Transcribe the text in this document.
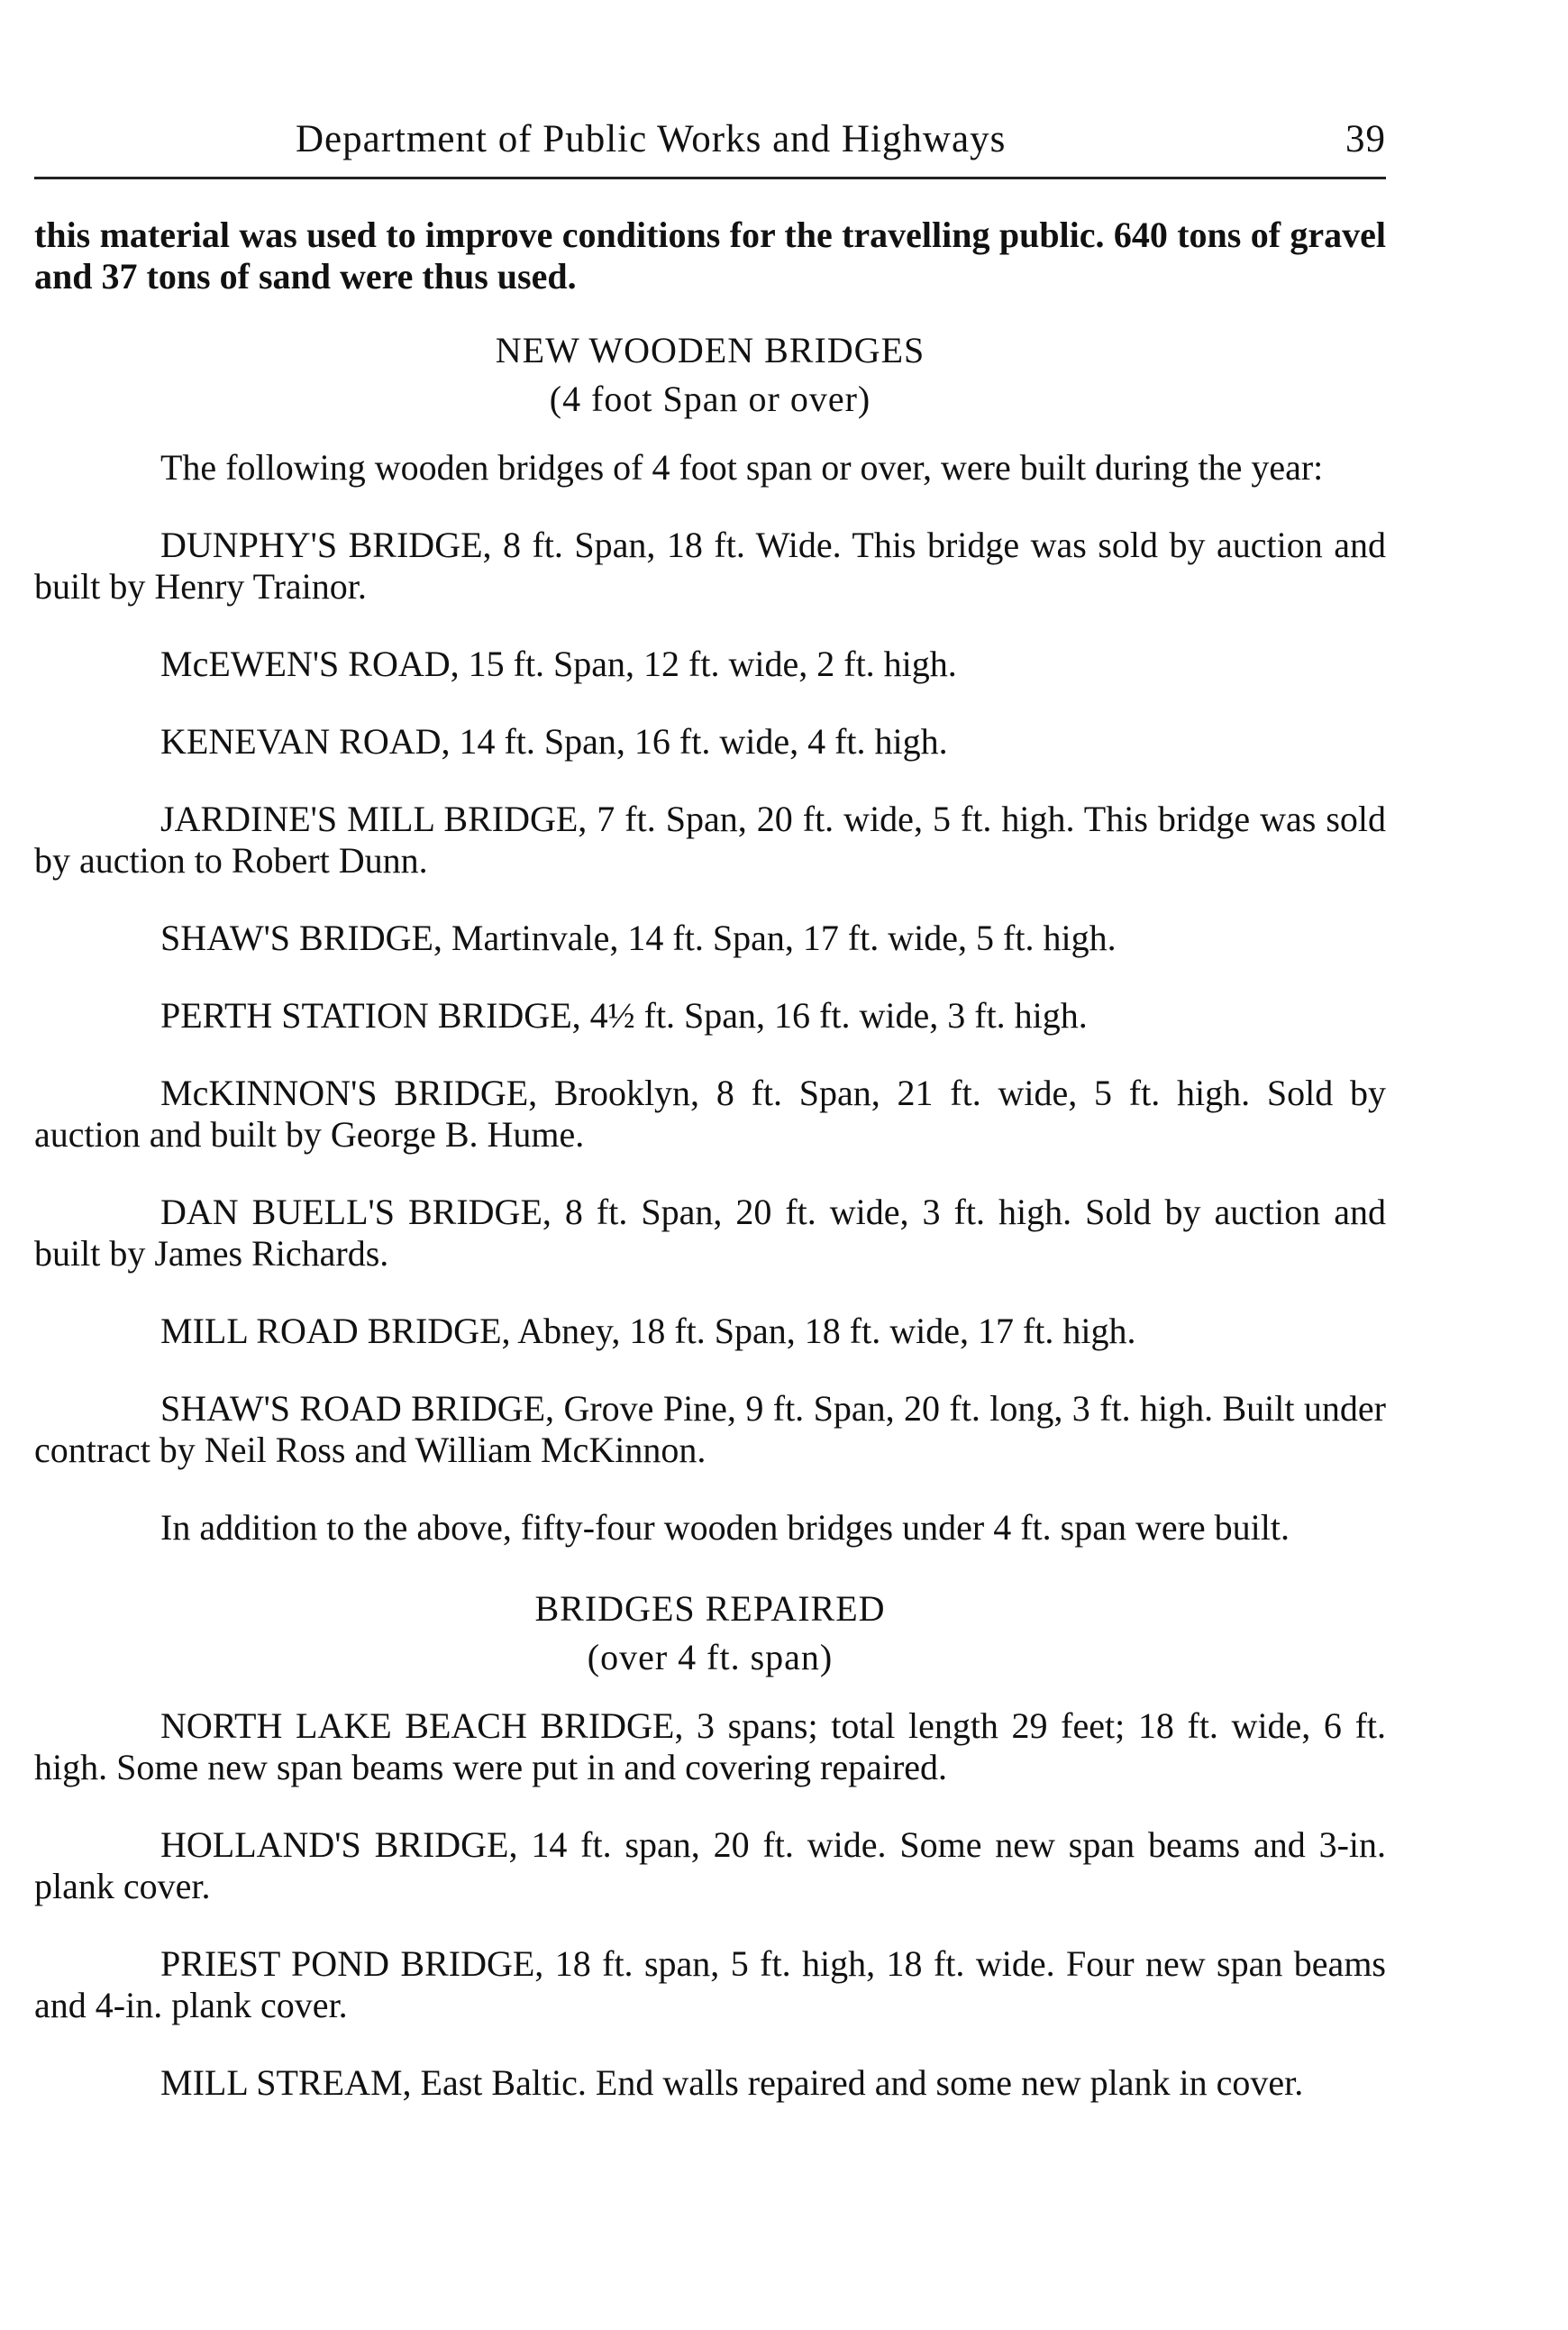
Department of Public Works and Highways	39

this material was used to improve conditions for the travelling public. 640 tons of gravel and 37 tons of sand were thus used.

NEW WOODEN BRIDGES
(4 foot Span or over)

The following wooden bridges of 4 foot span or over, were built during the year:

DUNPHY'S BRIDGE, 8 ft. Span, 18 ft. Wide. This bridge was sold by auction and built by Henry Trainor.

McEWEN'S ROAD, 15 ft. Span, 12 ft. wide, 2 ft. high.

KENEVAN ROAD, 14 ft. Span, 16 ft. wide, 4 ft. high.

JARDINE'S MILL BRIDGE, 7 ft. Span, 20 ft. wide, 5 ft. high. This bridge was sold by auction to Robert Dunn.

SHAW'S BRIDGE, Martinvale, 14 ft. Span, 17 ft. wide, 5 ft. high.

PERTH STATION BRIDGE, 4½ ft. Span, 16 ft. wide, 3 ft. high.

McKINNON'S BRIDGE, Brooklyn, 8 ft. Span, 21 ft. wide, 5 ft. high. Sold by auction and built by George B. Hume.

DAN BUELL'S BRIDGE, 8 ft. Span, 20 ft. wide, 3 ft. high. Sold by auction and built by James Richards.

MILL ROAD BRIDGE, Abney, 18 ft. Span, 18 ft. wide, 17 ft. high.

SHAW'S ROAD BRIDGE, Grove Pine, 9 ft. Span, 20 ft. long, 3 ft. high. Built under contract by Neil Ross and William McKinnon.

In addition to the above, fifty-four wooden bridges under 4 ft. span were built.

BRIDGES REPAIRED
(over 4 ft. span)

NORTH LAKE BEACH BRIDGE, 3 spans; total length 29 feet; 18 ft. wide, 6 ft. high. Some new span beams were put in and covering repaired.

HOLLAND'S BRIDGE, 14 ft. span, 20 ft. wide. Some new span beams and 3-in. plank cover.

PRIEST POND BRIDGE, 18 ft. span, 5 ft. high, 18 ft. wide. Four new span beams and 4-in. plank cover.

MILL STREAM, East Baltic. End walls repaired and some new plank in cover.
